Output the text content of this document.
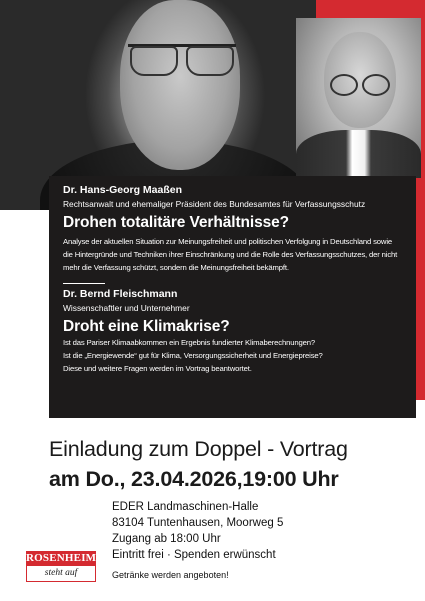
Dr. Hans-Georg Maaßen
Rechtsanwalt und ehemaliger Präsident des Bundesamtes für Verfassungsschutz
Drohen totalitäre Verhältnisse?
Analyse der aktuellen Situation zur Meinungsfreiheit und politischen Verfolgung in Deutschland sowie die Hintergründe und Techniken ihrer Einschränkung und die Rolle des Verfassungsschutzes, der nicht mehr die Verfassung schützt, sondern die Meinungsfreiheit bekämpft.
Dr. Bernd Fleischmann
Wissenschaftler und Unternehmer
Droht eine Klimakrise?

Ist das Pariser Klimaabkommen ein Ergebnis fundierter Klimaberechnungen?

Ist die „Energiewende“ gut für Klima, Versorgungssicherheit und Energiepreise?

Diese und weitere Fragen werden im Vortrag beantwortet.

Einladung zum Doppel - Vortrag
am Do., 23.04.2026,19:00 Uhr

EDER Landmaschinen-Halle

83104 Tuntenhausen, Moorweg 5

Zugang ab 18:00 Uhr

Eintritt frei · Spenden erwünscht

Getränke werden angeboten!

ROSENHEIM
steht auf
